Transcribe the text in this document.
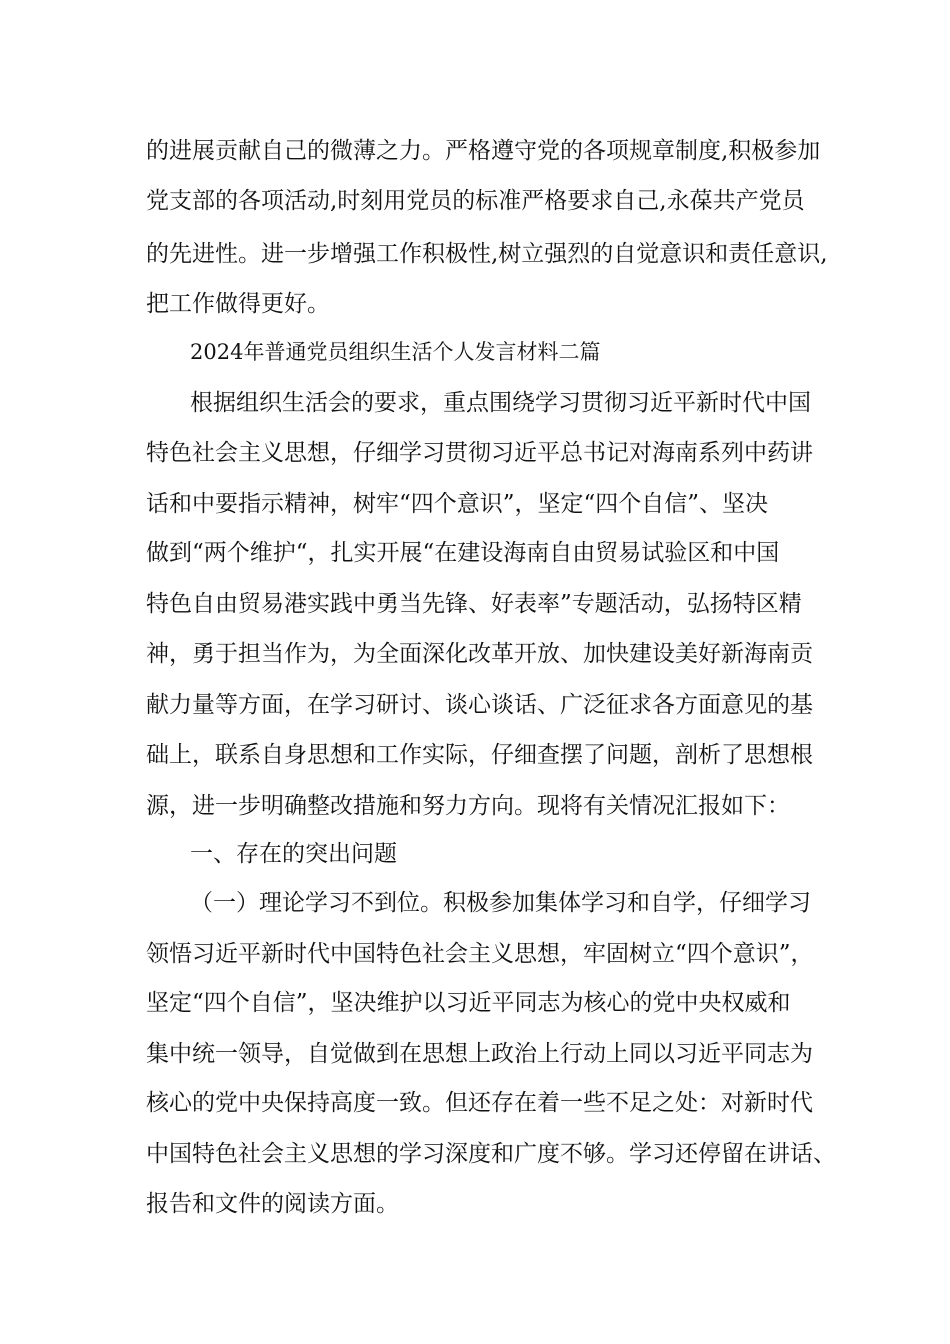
的进展贡献自己的微薄之力。严格遵守党的各项规章制度,积极参加
党支部的各项活动,时刻用党员的标准严格要求自己,永葆共产党员
的先进性。进一步增强工作积极性,树立强烈的自觉意识和责任意识,
把工作做得更好。
2024年普通党员组织生活个人发言材料二篇
根据组织生活会的要求，重点围绕学习贯彻习近平新时代中国
特色社会主义思想，仔细学习贯彻习近平总书记对海南系列中药讲
话和中要指示精神，树牢“四个意识”，坚定“四个自信”、坚决
做到“两个维护“，扎实开展“在建设海南自由贸易试验区和中国
特色自由贸易港实践中勇当先锋、好表率”专题活动，弘扬特区精
神，勇于担当作为，为全面深化改革开放、加快建设美好新海南贡
献力量等方面，在学习研讨、谈心谈话、广泛征求各方面意见的基
础上，联系自身思想和工作实际，仔细查摆了问题，剖析了思想根
源，进一步明确整改措施和努力方向。现将有关情况汇报如下：
一、存在的突出问题
（一）理论学习不到位。积极参加集体学习和自学，仔细学习
领悟习近平新时代中国特色社会主义思想，牢固树立“四个意识”，
坚定“四个自信”，坚决维护以习近平同志为核心的党中央权威和
集中统一领导，自觉做到在思想上政治上行动上同以习近平同志为
核心的党中央保持高度一致。但还存在着一些不足之处：对新时代
中国特色社会主义思想的学习深度和广度不够。学习还停留在讲话、
报告和文件的阅读方面。
